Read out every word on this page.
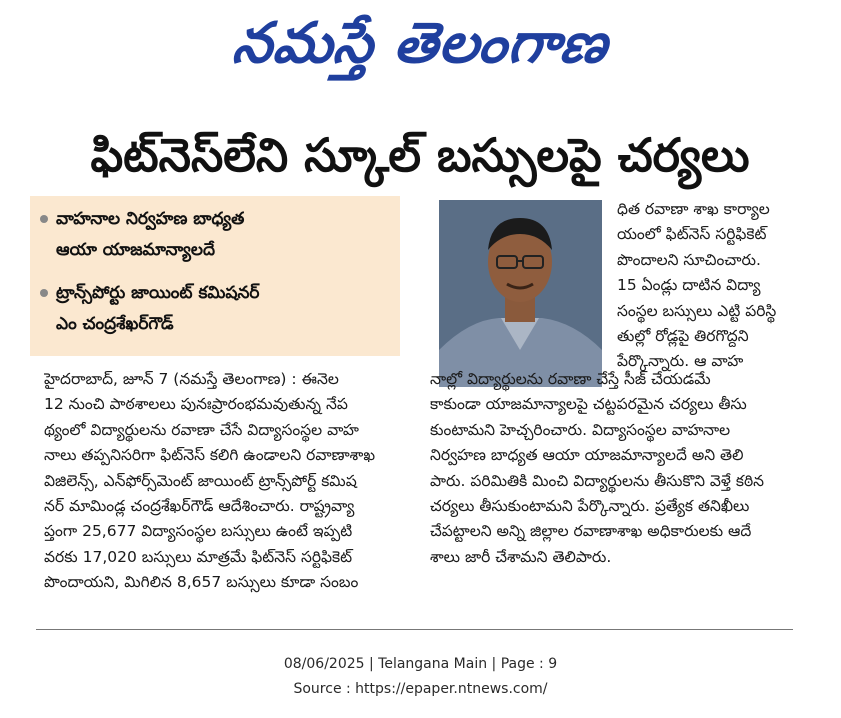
నమస్తే తెలంగాణ
ఫిట్‌నెస్‌లేని స్కూల్ బస్సులపై చర్యలు
వాహనాల నిర్వహణ బాధ్యత
ఆయా యాజమాన్యాలదే
ట్రాన్స్‌పోర్టు జాయింట్ కమిషనర్
ఎం చంద్రశేఖర్‌గౌడ్
హైదరాబాద్, జూన్ 7 (నమస్తే తెలంగాణ) : ఈనెల
12 నుంచి పాఠశాలలు పునఃప్రారంభమవుతున్న నేప
థ్యంలో విద్యార్థులను రవాణా చేసే విద్యాసంస్థల వాహ
నాలు తప్పనిసరిగా ఫిట్‌నెస్ కలిగి ఉండాలని రవాణాశాఖ
విజిలెన్స్, ఎన్‌ఫోర్స్‌మెంట్ జాయింట్ ట్రాన్స్‌పోర్ట్ కమిష
నర్ మామిండ్ల చంద్రశేఖర్‌గౌడ్ ఆదేశించారు. రాష్ట్రవ్యా
ప్తంగా 25,677 విద్యాసంస్థల బస్సులు ఉంటే ఇప్పటి
వరకు 17,020 బస్సులు మాత్రమే ఫిట్‌నెస్ సర్టిఫికెట్
పొందాయని, మిగిలిన 8,657 బస్సులు కూడా సంబం
ధిత రవాణా శాఖ కార్యాల
యంలో ఫిట్‌నెస్ సర్టిఫికెట్
పొందాలని సూచించారు.
15 ఏండ్లు దాటిన విద్యా
సంస్థల బస్సులు ఎట్టి పరిస్థి
తుల్లో రోడ్లపై తిరగొద్దని
పేర్కొన్నారు. ఆ వాహ
నాల్లో విద్యార్థులను రవాణా చేస్తే సీజ్ చేయడమే
కాకుండా యాజమాన్యాలపై చట్టపరమైన చర్యలు తీసు
కుంటామని హెచ్చరించారు. విద్యాసంస్థల వాహనాల
నిర్వహణ బాధ్యత ఆయా యాజమాన్యాలదే అని తెలి
పారు. పరిమితికి మించి విద్యార్థులను తీసుకొని వెళ్తే కఠిన
చర్యలు తీసుకుంటామని పేర్కొన్నారు. ప్రత్యేక తనిఖీలు
చేపట్టాలని అన్ని జిల్లాల రవాణాశాఖ అధికారులకు ఆదే
శాలు జారీ చేశామని తెలిపారు.
08/06/2025 | Telangana Main | Page : 9
Source : https://epaper.ntnews.com/
